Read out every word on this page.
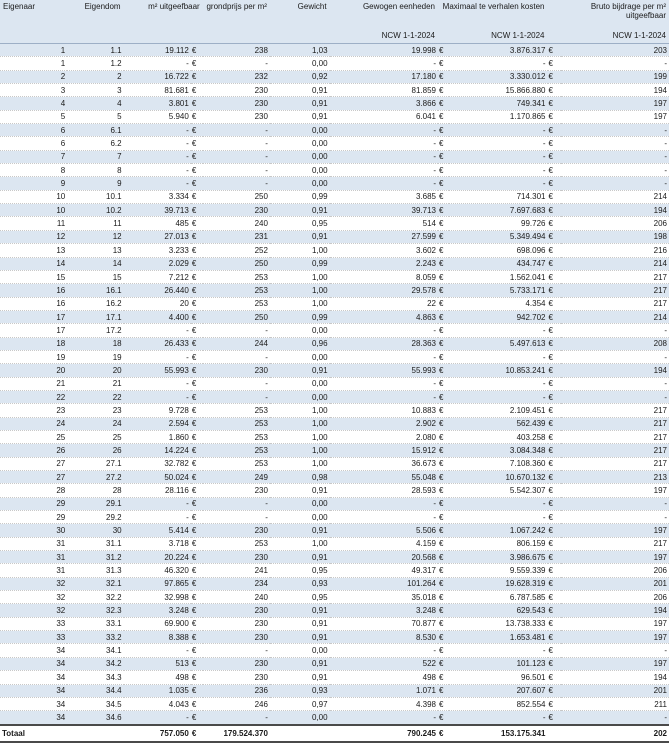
Eigenaar	Eigendom	m² uitgeefbaar		grondprijs per m²	Gewicht	Gewogen eenheden	Maximaal te verhalen kosten		Bruto bijdrage per m² uitgeefbaar	
						NCW 1-1-2024	NCW 1-1-2024		NCW 1-1-2024	
1	1.1	19.112	€	238	1,03	19.998	€	3.876.317	€	203
1	1.2	-	€	-	0,00	-	€	-	€	-
2	2	16.722	€	232	0,92	17.180	€	3.330.012	€	199
3	3	81.681	€	230	0,91	81.859	€	15.866.880	€	194
4	4	3.801	€	230	0,91	3.866	€	749.341	€	197
5	5	5.940	€	230	0,91	6.041	€	1.170.865	€	197
6	6.1	-	€	-	0,00	-	€	-	€	-
6	6.2	-	€	-	0,00	-	€	-	€	-
7	7	-	€	-	0,00	-	€	-	€	-
8	8	-	€	-	0,00	-	€	-	€	-
9	9	-	€	-	0,00	-	€	-	€	-
10	10.1	3.334	€	250	0,99	3.685	€	714.301	€	214
10	10.2	39.713	€	230	0,91	39.713	€	7.697.683	€	194
11	11	485	€	240	0,95	514	€	99.726	€	206
12	12	27.013	€	231	0,91	27.599	€	5.349.494	€	198
13	13	3.233	€	252	1,00	3.602	€	698.096	€	216
14	14	2.029	€	250	0,99	2.243	€	434.747	€	214
15	15	7.212	€	253	1,00	8.059	€	1.562.041	€	217
16	16.1	26.440	€	253	1,00	29.578	€	5.733.171	€	217
16	16.2	20	€	253	1,00	22	€	4.354	€	217
17	17.1	4.400	€	250	0,99	4.863	€	942.702	€	214
17	17.2	-	€	-	0,00	-	€	-	€	-
18	18	26.433	€	244	0,96	28.363	€	5.497.613	€	208
19	19	-	€	-	0,00	-	€	-	€	-
20	20	55.993	€	230	0,91	55.993	€	10.853.241	€	194
21	21	-	€	-	0,00	-	€	-	€	-
22	22	-	€	-	0,00	-	€	-	€	-
23	23	9.728	€	253	1,00	10.883	€	2.109.451	€	217
24	24	2.594	€	253	1,00	2.902	€	562.439	€	217
25	25	1.860	€	253	1,00	2.080	€	403.258	€	217
26	26	14.224	€	253	1,00	15.912	€	3.084.348	€	217
27	27.1	32.782	€	253	1,00	36.673	€	7.108.360	€	217
27	27.2	50.024	€	249	0,98	55.048	€	10.670.132	€	213
28	28	28.116	€	230	0,91	28.593	€	5.542.307	€	197
29	29.1	-	€	-	0,00	-	€	-	€	-
29	29.2	-	€	-	0,00	-	€	-	€	-
30	30	5.414	€	230	0,91	5.506	€	1.067.242	€	197
31	31.1	3.718	€	253	1,00	4.159	€	806.159	€	217
31	31.2	20.224	€	230	0,91	20.568	€	3.986.675	€	197
31	31.3	46.320	€	241	0,95	49.317	€	9.559.339	€	206
32	32.1	97.865	€	234	0,93	101.264	€	19.628.319	€	201
32	32.2	32.998	€	240	0,95	35.018	€	6.787.585	€	206
32	32.3	3.248	€	230	0,91	3.248	€	629.543	€	194
33	33.1	69.900	€	230	0,91	70.877	€	13.738.333	€	197
33	33.2	8.388	€	230	0,91	8.530	€	1.653.481	€	197
34	34.1	-	€	-	0,00	-	€	-	€	-
34	34.2	513	€	230	0,91	522	€	101.123	€	197
34	34.3	498	€	230	0,91	498	€	96.501	€	194
34	34.4	1.035	€	236	0,93	1.071	€	207.607	€	201
34	34.5	4.043	€	246	0,97	4.398	€	852.554	€	211
34	34.6	-	€	-	0,00	-	€	-	€	-
Totaal		757.050	€	179.524.370		790.245	€	153.175.341		202
